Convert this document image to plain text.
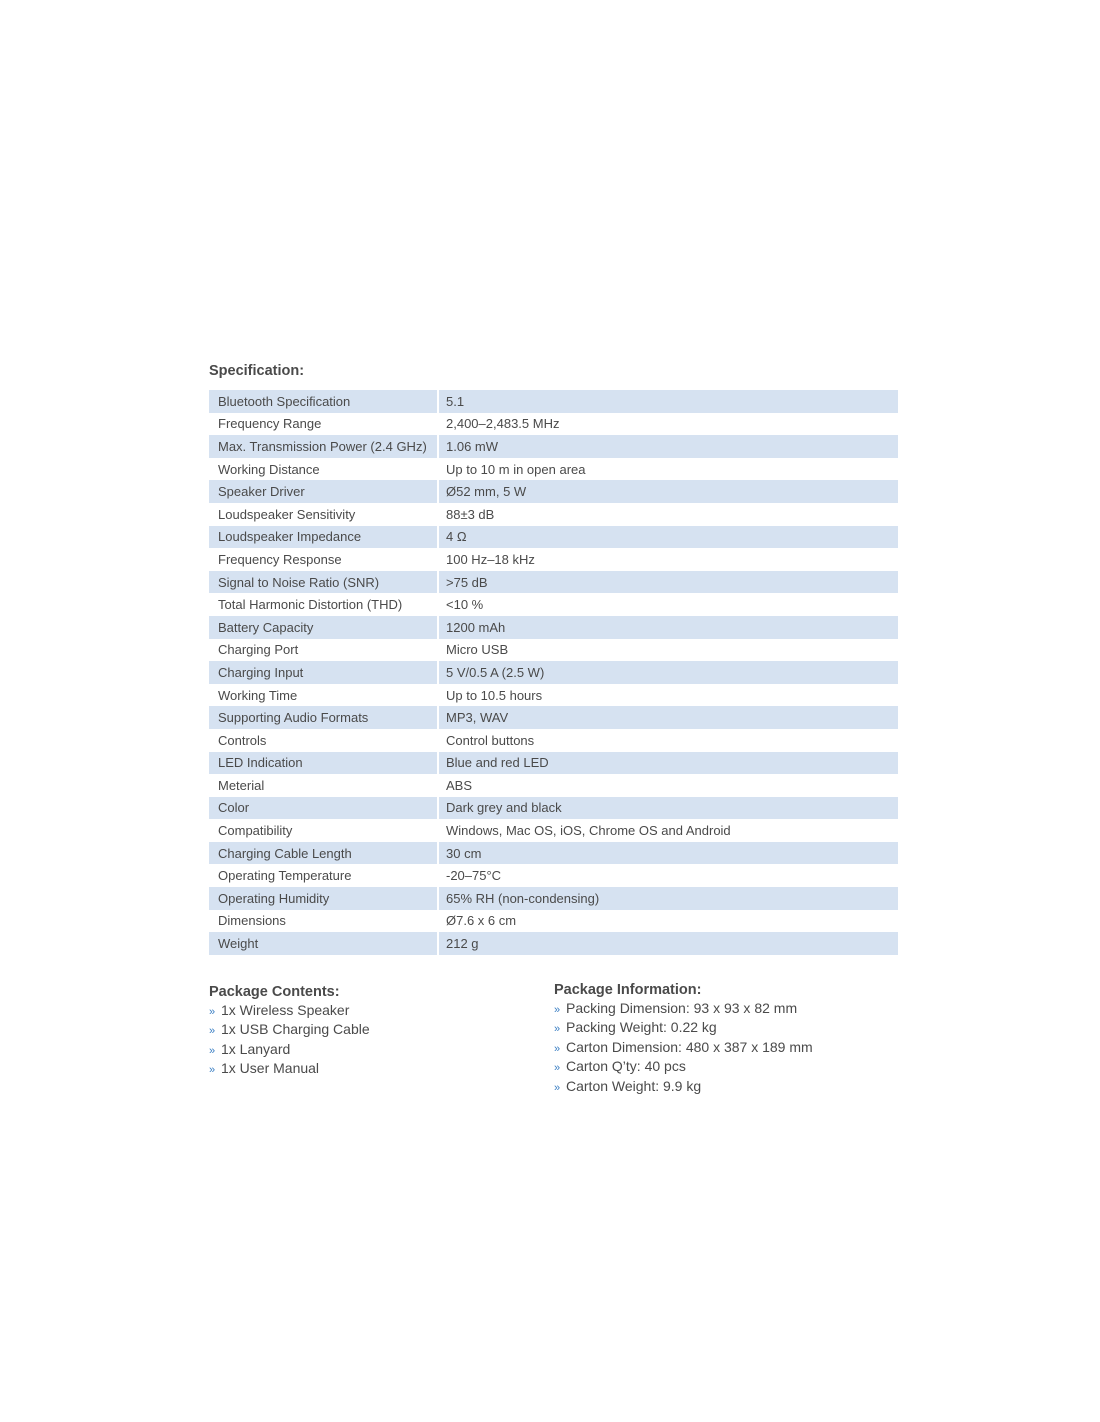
Specification:
Bluetooth Specification	5.1
Frequency Range	2,400–2,483.5 MHz
Max. Transmission Power (2.4 GHz)	1.06 mW
Working Distance	Up to 10 m in open area
Speaker Driver	Ø52 mm, 5 W
Loudspeaker Sensitivity	88±3 dB
Loudspeaker Impedance	4 Ω
Frequency Response	100 Hz–18 kHz
Signal to Noise Ratio (SNR)	>75 dB
Total Harmonic Distortion (THD)	<10 %
Battery Capacity	1200 mAh
Charging Port	Micro USB
Charging Input	5 V/0.5 A (2.5 W)
Working Time	Up to 10.5 hours
Supporting Audio Formats	MP3, WAV
Controls	Control buttons
LED Indication	Blue and red LED
Meterial	ABS
Color	Dark grey and black
Compatibility	Windows, Mac OS, iOS, Chrome OS and Android
Charging Cable Length	30 cm
Operating Temperature	-20–75°C
Operating Humidity	65% RH (non-condensing)
Dimensions	Ø7.6 x 6 cm
Weight	212 g
Package Contents:
» 1x Wireless Speaker
» 1x USB Charging Cable
» 1x Lanyard
» 1x User Manual
Package Information:
» Packing Dimension: 93 x 93 x 82 mm
» Packing Weight: 0.22 kg
» Carton Dimension: 480 x 387 x 189 mm
» Carton Q’ty: 40 pcs
» Carton Weight: 9.9 kg
